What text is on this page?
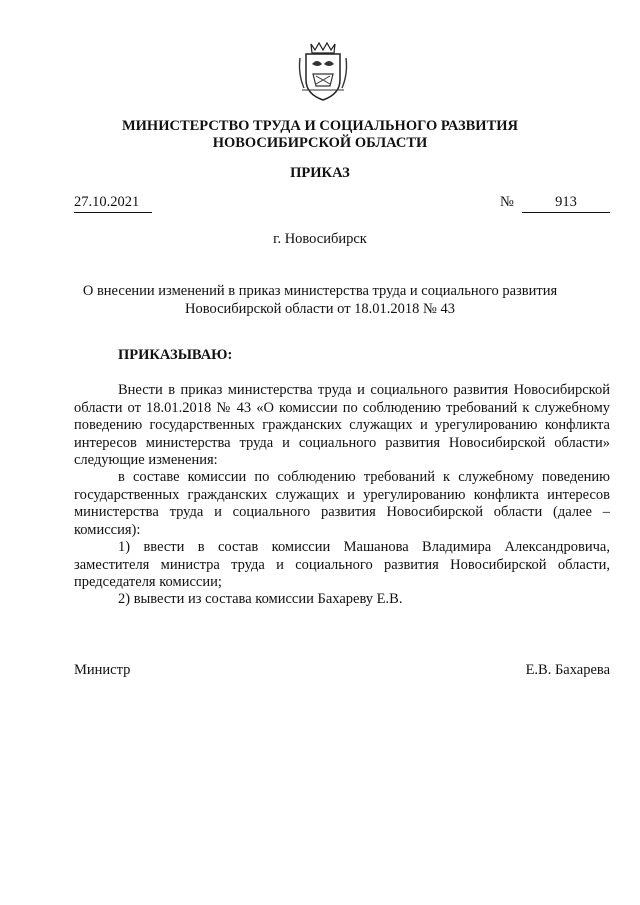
МИНИСТЕРСТВО ТРУДА И СОЦИАЛЬНОГО РАЗВИТИЯ
НОВОСИБИРСКОЙ ОБЛАСТИ
ПРИКАЗ
27.10.2021	№	913
г. Новосибирск
О внесении изменений в приказ министерства труда и социального развития Новосибирской области от 18.01.2018 № 43
ПРИКАЗЫВАЮ:

Внести в приказ министерства труда и социального развития Новосибирской области от 18.01.2018 № 43 «О комиссии по соблюдению требований к служебному поведению государственных гражданских служащих и урегулированию конфликта интересов министерства труда и социального развития Новосибирской области» следующие изменения:

в составе комиссии по соблюдению требований к служебному поведению государственных гражданских служащих и урегулированию конфликта интересов министерства труда и социального развития Новосибирской области (далее – комиссия):

1) ввести в состав комиссии Машанова Владимира Александровича, заместителя министра труда и социального развития Новосибирской области, председателя комиссии;

2) вывести из состава комиссии Бахареву Е.В.

Министр	Е.В. Бахарева
